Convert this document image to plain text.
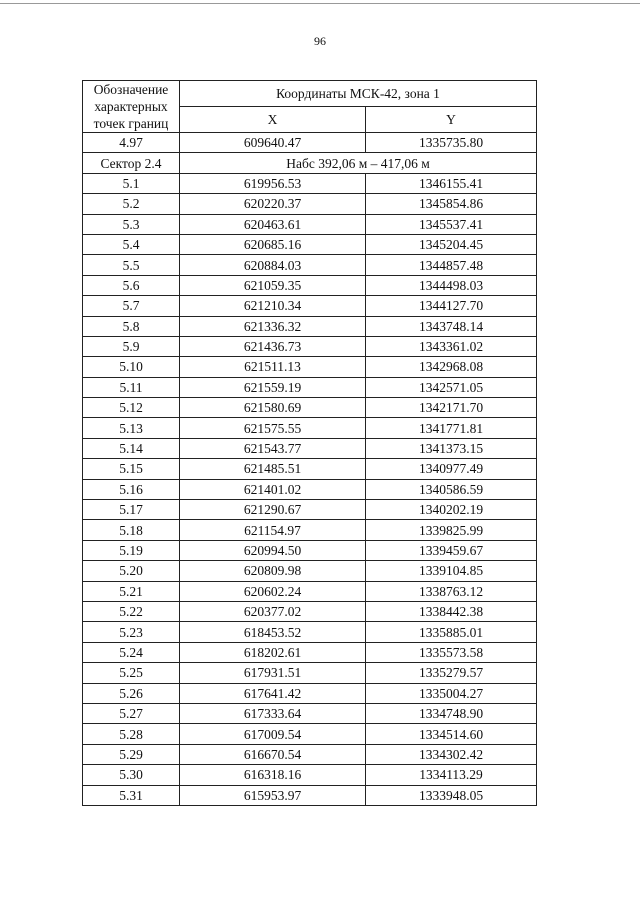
96
Обозначение
характерных
точек границ	Координаты МСК-42, зона 1	
	X	Y
4.97	609640.47	1335735.80
Сектор 2.4	Набс 392,06 м – 417,06 м	
5.1	619956.53	1346155.41
5.2	620220.37	1345854.86
5.3	620463.61	1345537.41
5.4	620685.16	1345204.45
5.5	620884.03	1344857.48
5.6	621059.35	1344498.03
5.7	621210.34	1344127.70
5.8	621336.32	1343748.14
5.9	621436.73	1343361.02
5.10	621511.13	1342968.08
5.11	621559.19	1342571.05
5.12	621580.69	1342171.70
5.13	621575.55	1341771.81
5.14	621543.77	1341373.15
5.15	621485.51	1340977.49
5.16	621401.02	1340586.59
5.17	621290.67	1340202.19
5.18	621154.97	1339825.99
5.19	620994.50	1339459.67
5.20	620809.98	1339104.85
5.21	620602.24	1338763.12
5.22	620377.02	1338442.38
5.23	618453.52	1335885.01
5.24	618202.61	1335573.58
5.25	617931.51	1335279.57
5.26	617641.42	1335004.27
5.27	617333.64	1334748.90
5.28	617009.54	1334514.60
5.29	616670.54	1334302.42
5.30	616318.16	1334113.29
5.31	615953.97	1333948.05
